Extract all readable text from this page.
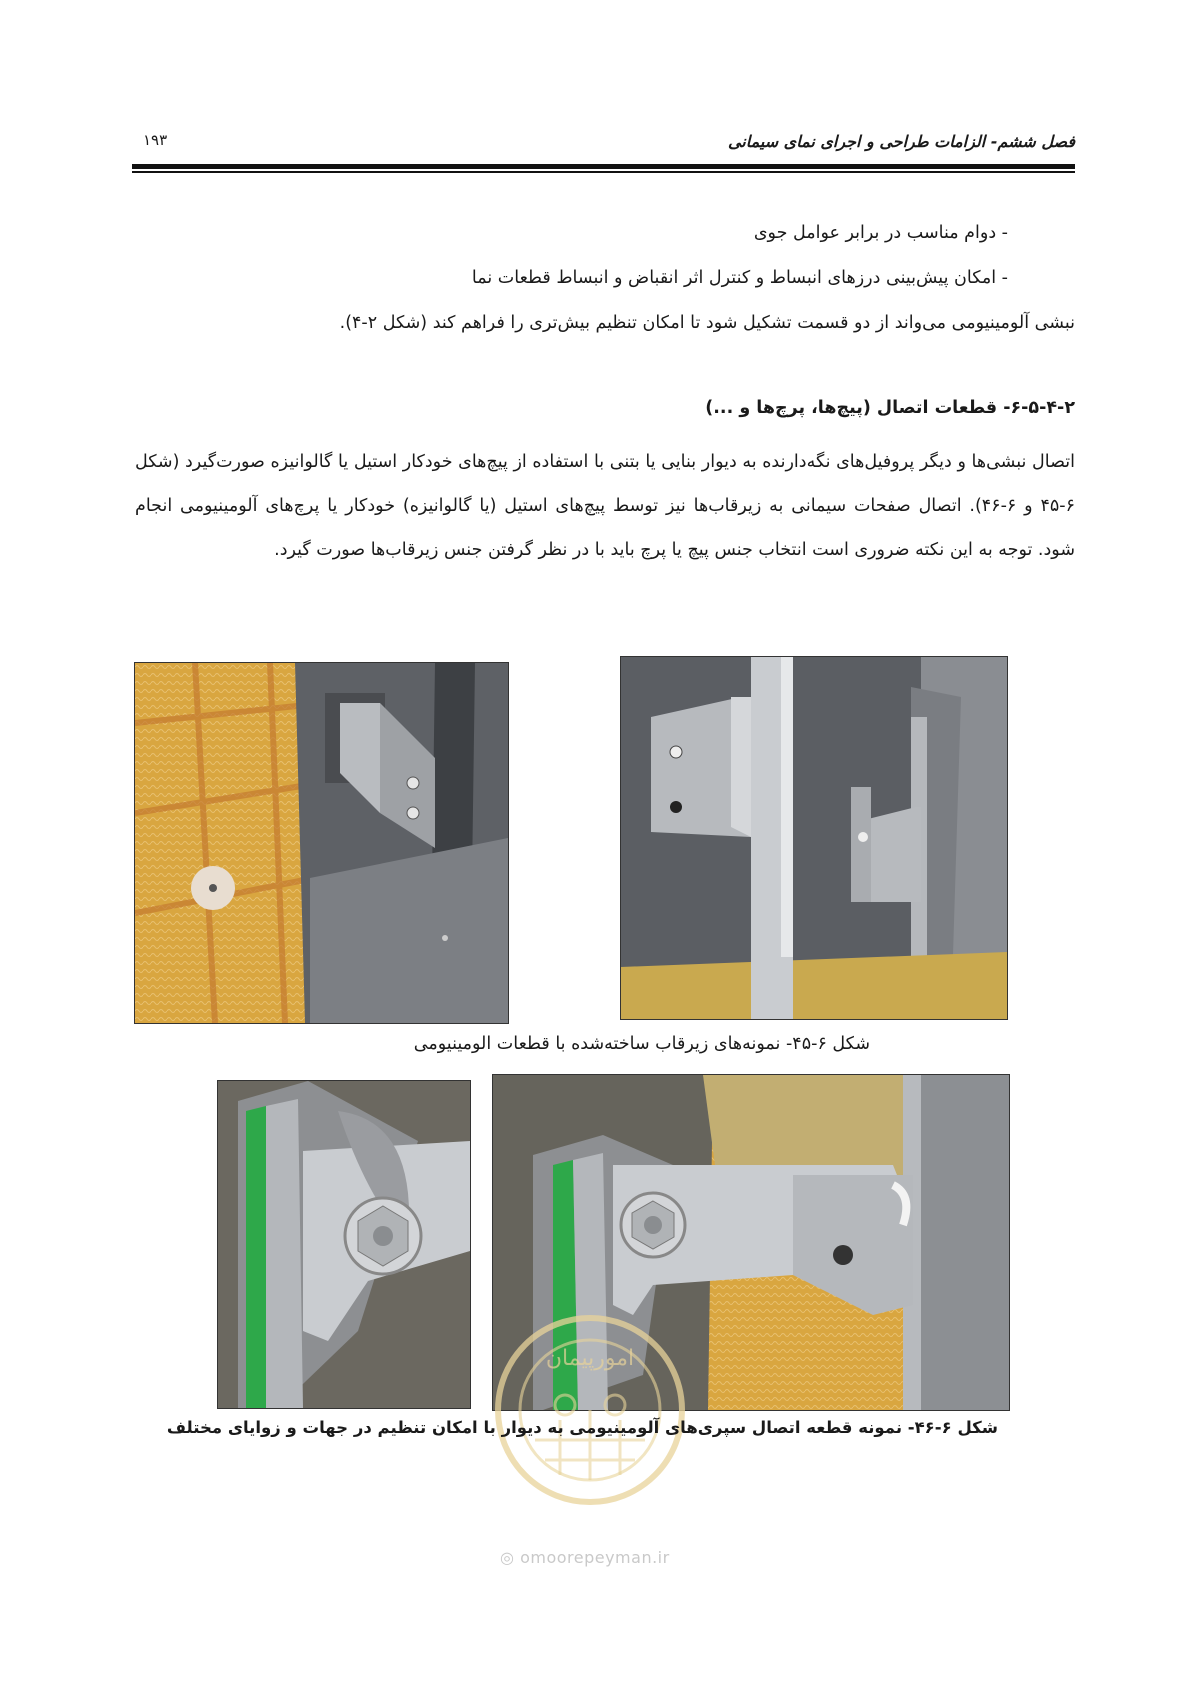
فصل ششم- الزامات طراحی و اجرای نمای سیمانی
۱۹۳
- دوام مناسب در برابر عوامل جوی
- امکان پیش‌بینی درزهای انبساط و کنترل اثر انقباض و انبساط قطعات نما
نبشی آلومینیومی می‌واند از دو قسمت تشکیل شود تا امکان تنظیم بیش‌تری را فراهم کند (شکل ۲-۴).
۶-۵-۴-۲- قطعات اتصال (پیچ‌ها، پرچ‌ها و ...)
اتصال نبشی‌ها و دیگر پروفیل‌های نگه‌دارنده به دیوار بنایی یا بتنی با استفاده از پیچ‌های خودکار استیل یا گالوانیزه صورت‌گیرد (شکل ۶-۴۵ و ۶-۴۶). اتصال صفحات سیمانی به زیرقاب‌ها نیز توسط پیچ‌های استیل (یا گالوانیزه) خودکار یا پرچ‌های آلومینیومی انجام شود. توجه به این نکته ضروری است انتخاب جنس پیچ یا پرچ باید با در نظر گرفتن جنس زیرقاب‌ها صورت گیرد.
شکل ۶-۴۵- نمونه‌های زیرقاب ساخته‌شده با قطعات الومینیومی
امورپیمان
◎ omoorepeyman.ir
شکل ۶-۴۶- نمونه قطعه اتصال سپری‌های آلومینیومی به دیوار با امکان تنظیم در جهات و زوایای مختلف
